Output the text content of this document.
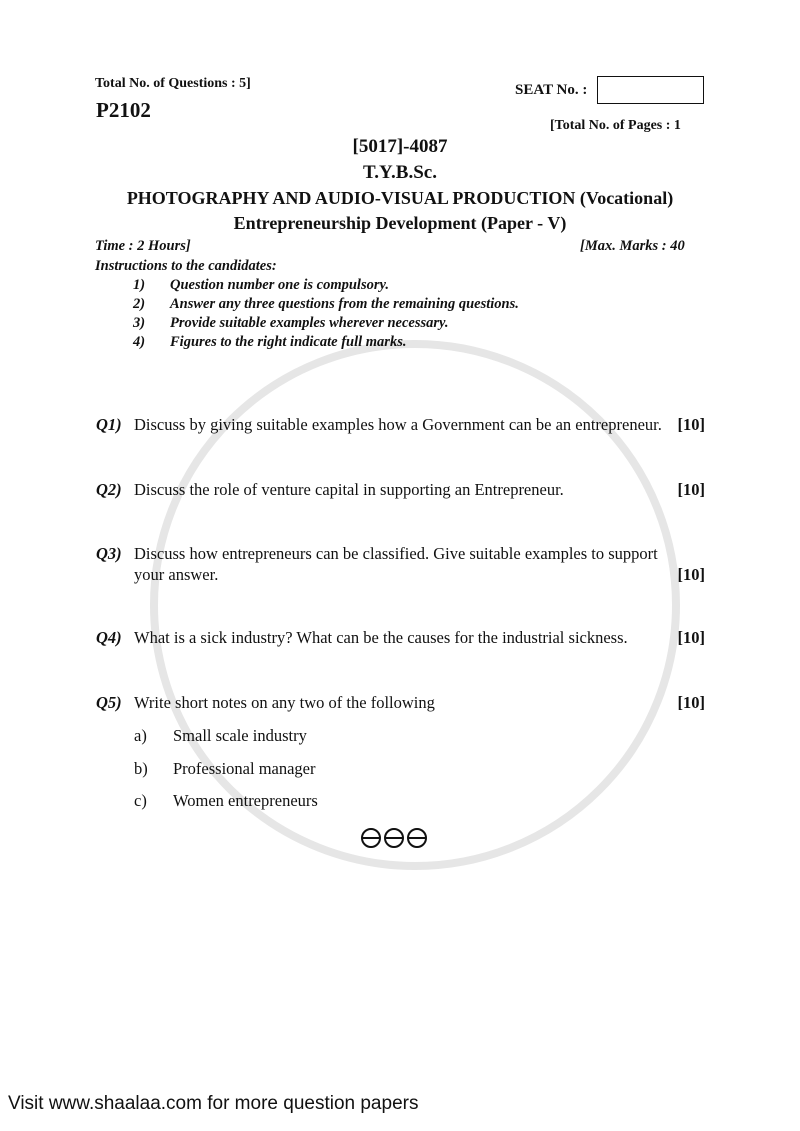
Total No. of Questions : 5]
P2102
SEAT No. :
[Total No. of Pages : 1
[5017]-4087
T.Y.B.Sc.
PHOTOGRAPHY AND AUDIO-VISUAL PRODUCTION (Vocational)
Entrepreneurship Development (Paper - V)
Time : 2 Hours]	[Max. Marks : 40
Instructions to the candidates:
1) Question number one is compulsory.
2) Answer any three questions from the remaining questions.
3) Provide suitable examples wherever necessary.
4) Figures to the right indicate full marks.
Q1) Discuss by giving suitable examples how a Government can be an entrepreneur. [10]
Q2) Discuss the role of venture capital in supporting an Entrepreneur.	[10]
Q3) Discuss how entrepreneurs can be classified. Give suitable examples to support
your answer.	[10]
Q4) What is a sick industry? What can be the causes for the industrial sickness.	[10]
Q5) Write short notes on any two of the following	[10]
a)	Small scale industry
b)	Professional manager
c)	Women entrepreneurs
Visit www.shaalaa.com for more question papers
